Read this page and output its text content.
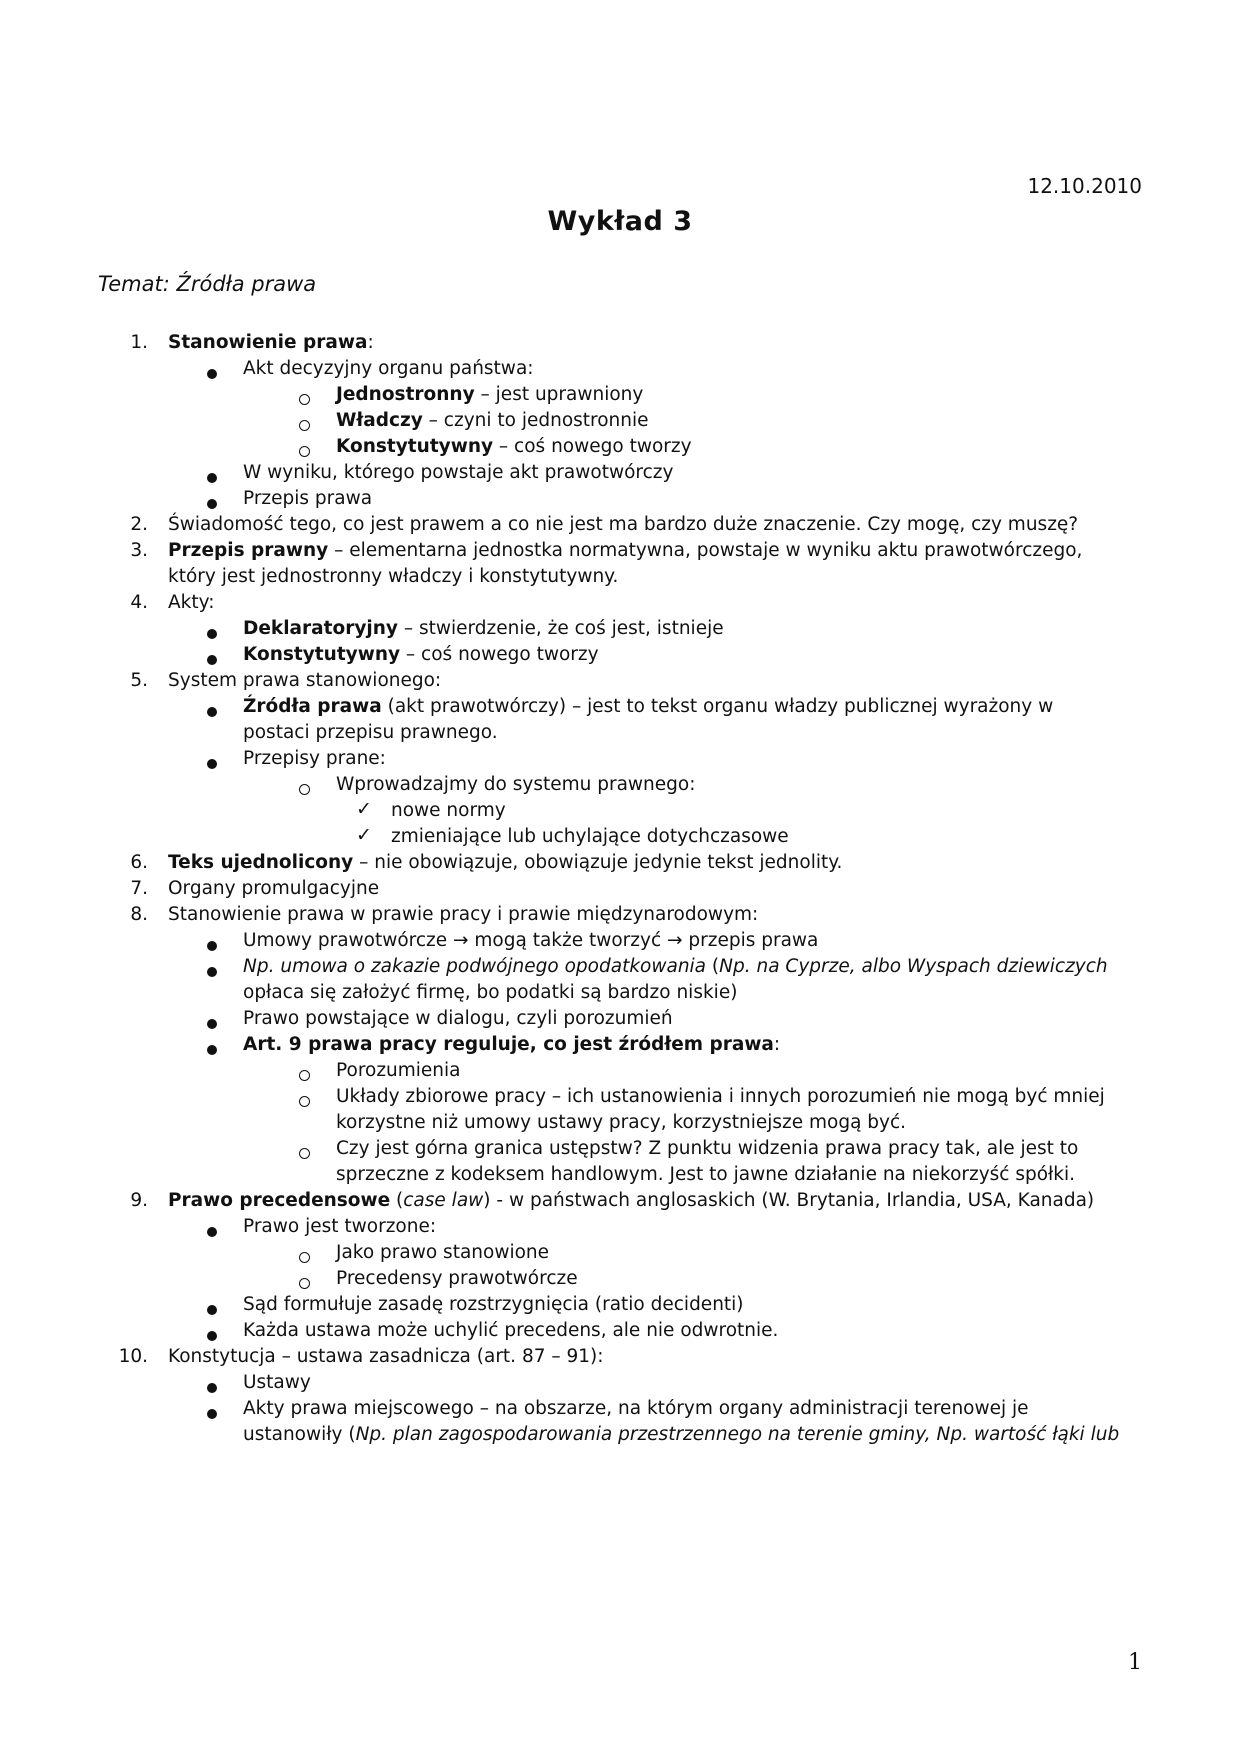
12.10.2010
Wykład 3
Temat: Źródła prawa
1. Stanowienie prawa:
Akt decyzyjny organu państwa:
Jednostronny – jest uprawniony
Władczy – czyni to jednostronnie
Konstytutywny – coś nowego tworzy
W wyniku, którego powstaje akt prawotwórczy
Przepis prawa
2. Świadomość tego, co jest prawem a co nie jest ma bardzo duże znaczenie. Czy mogę, czy muszę?
3. Przepis prawny – elementarna jednostka normatywna, powstaje w wyniku aktu prawotwórczego,
który jest jednostronny władczy i konstytutywny.
4. Akty:
Deklaratoryjny – stwierdzenie, że coś jest, istnieje
Konstytutywny – coś nowego tworzy
5. System prawa stanowionego:
Źródła prawa (akt prawotwórczy) – jest to tekst organu władzy publicznej wyrażony w
postaci przepisu prawnego.
Przepisy prane:
Wprowadzajmy do systemu prawnego:
✓ nowe normy
✓ zmieniające lub uchylające dotychczasowe
6. Teks ujednolicony – nie obowiązuje, obowiązuje jedynie tekst jednolity.
7. Organy promulgacyjne
8. Stanowienie prawa w prawie pracy i prawie międzynarodowym:
Umowy prawotwórcze → mogą także tworzyć → przepis prawa
Np. umowa o zakazie podwójnego opodatkowania (Np. na Cyprze, albo Wyspach dziewiczych
opłaca się założyć firmę, bo podatki są bardzo niskie)
Prawo powstające w dialogu, czyli porozumień
Art. 9 prawa pracy reguluje, co jest źródłem prawa:
Porozumienia
Układy zbiorowe pracy – ich ustanowienia i innych porozumień nie mogą być mniej
korzystne niż umowy ustawy pracy, korzystniejsze mogą być.
Czy jest górna granica ustępstw? Z punktu widzenia prawa pracy tak, ale jest to
sprzeczne z kodeksem handlowym. Jest to jawne działanie na niekorzyść spółki.
9. Prawo precedensowe (case law) - w państwach anglosaskich (W. Brytania, Irlandia, USA, Kanada)
Prawo jest tworzone:
Jako prawo stanowione
Precedensy prawotwórcze
Sąd formułuje zasadę rozstrzygnięcia (ratio decidenti)
Każda ustawa może uchylić precedens, ale nie odwrotnie.
10. Konstytucja – ustawa zasadnicza (art. 87 – 91):
Ustawy
Akty prawa miejscowego – na obszarze, na którym organy administracji terenowej je
ustanowiły (Np. plan zagospodarowania przestrzennego na terenie gminy, Np. wartość łąki lub
1
